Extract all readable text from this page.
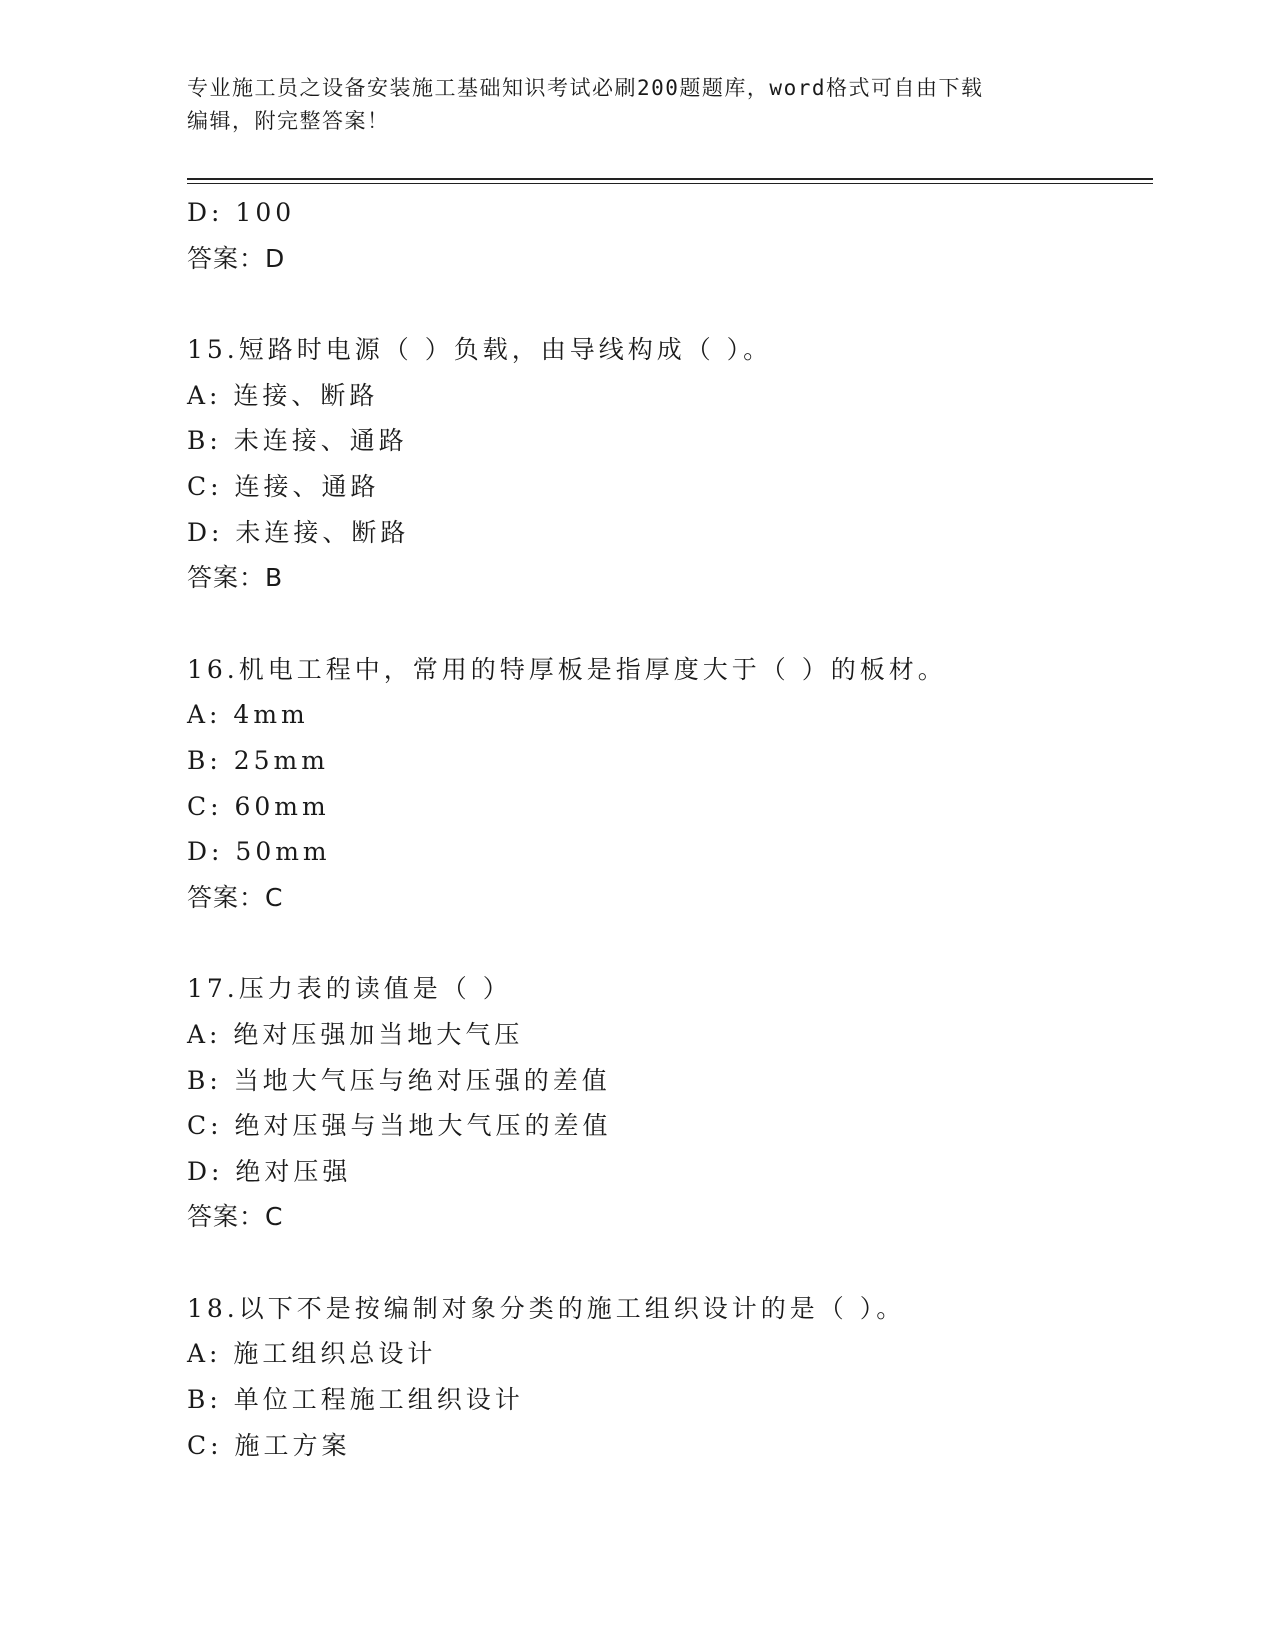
专业施工员之设备安装施工基础知识考试必刷200题题库，word格式可自由下载
编辑，附完整答案！
D: 100
答案：D
15.短路时电源（ ）负载，由导线构成（ ）。
A: 连接、断路
B: 未连接、通路
C: 连接、通路
D: 未连接、断路
答案：B
16.机电工程中，常用的特厚板是指厚度大于（ ）的板材。
A: 4mm
B: 25mm
C: 60mm
D: 50mm
答案：C
17.压力表的读值是（ ）
A: 绝对压强加当地大气压
B: 当地大气压与绝对压强的差值
C: 绝对压强与当地大气压的差值
D: 绝对压强
答案：C
18.以下不是按编制对象分类的施工组织设计的是（ ）。
A: 施工组织总设计
B: 单位工程施工组织设计
C: 施工方案
